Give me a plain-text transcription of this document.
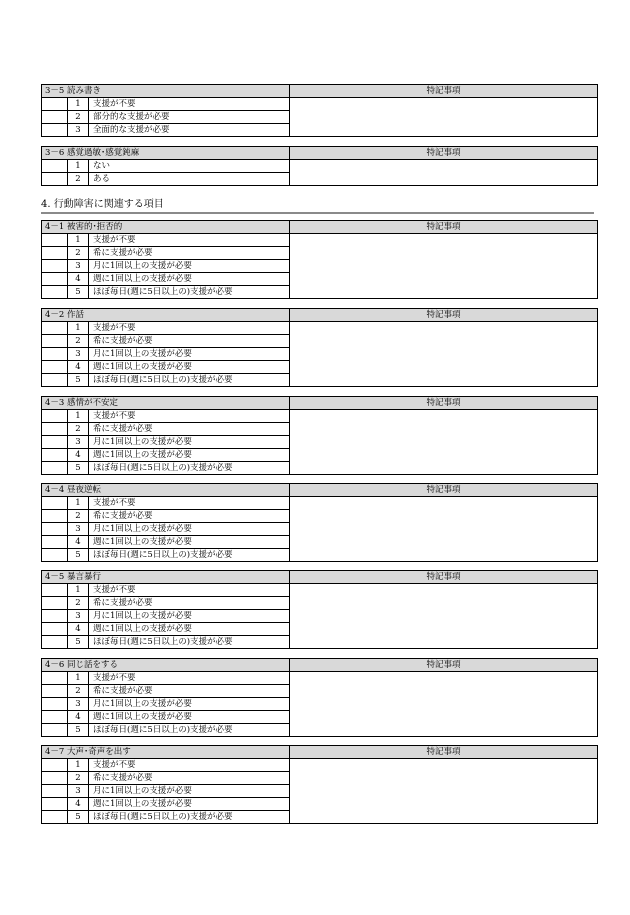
3－5 読み書き			特記事項
	1	支援が不要	
	2	部分的な支援が必要	
	3	全面的な支援が必要	
3－6 感覚過敏･感覚鈍麻			特記事項
	1	ない	
	2	ある	
4－1 被害的･拒否的			特記事項
	1	支援が不要	
	2	希に支援が必要	
	3	月に1回以上の支援が必要	
	4	週に1回以上の支援が必要	
	5	ほぼ毎日(週に5日以上の)支援が必要	
4－2 作話			特記事項
	1	支援が不要	
	2	希に支援が必要	
	3	月に1回以上の支援が必要	
	4	週に1回以上の支援が必要	
	5	ほぼ毎日(週に5日以上の)支援が必要	
4－3 感情が不安定			特記事項
	1	支援が不要	
	2	希に支援が必要	
	3	月に1回以上の支援が必要	
	4	週に1回以上の支援が必要	
	5	ほぼ毎日(週に5日以上の)支援が必要	
4－4 昼夜逆転			特記事項
	1	支援が不要	
	2	希に支援が必要	
	3	月に1回以上の支援が必要	
	4	週に1回以上の支援が必要	
	5	ほぼ毎日(週に5日以上の)支援が必要	
4－5 暴言暴行			特記事項
	1	支援が不要	
	2	希に支援が必要	
	3	月に1回以上の支援が必要	
	4	週に1回以上の支援が必要	
	5	ほぼ毎日(週に5日以上の)支援が必要	
4－6 同じ話をする			特記事項
	1	支援が不要	
	2	希に支援が必要	
	3	月に1回以上の支援が必要	
	4	週に1回以上の支援が必要	
	5	ほぼ毎日(週に5日以上の)支援が必要	
4－7 大声･奇声を出す			特記事項
	1	支援が不要	
	2	希に支援が必要	
	3	月に1回以上の支援が必要	
	4	週に1回以上の支援が必要	
	5	ほぼ毎日(週に5日以上の)支援が必要	
4. 行動障害に関連する項目
